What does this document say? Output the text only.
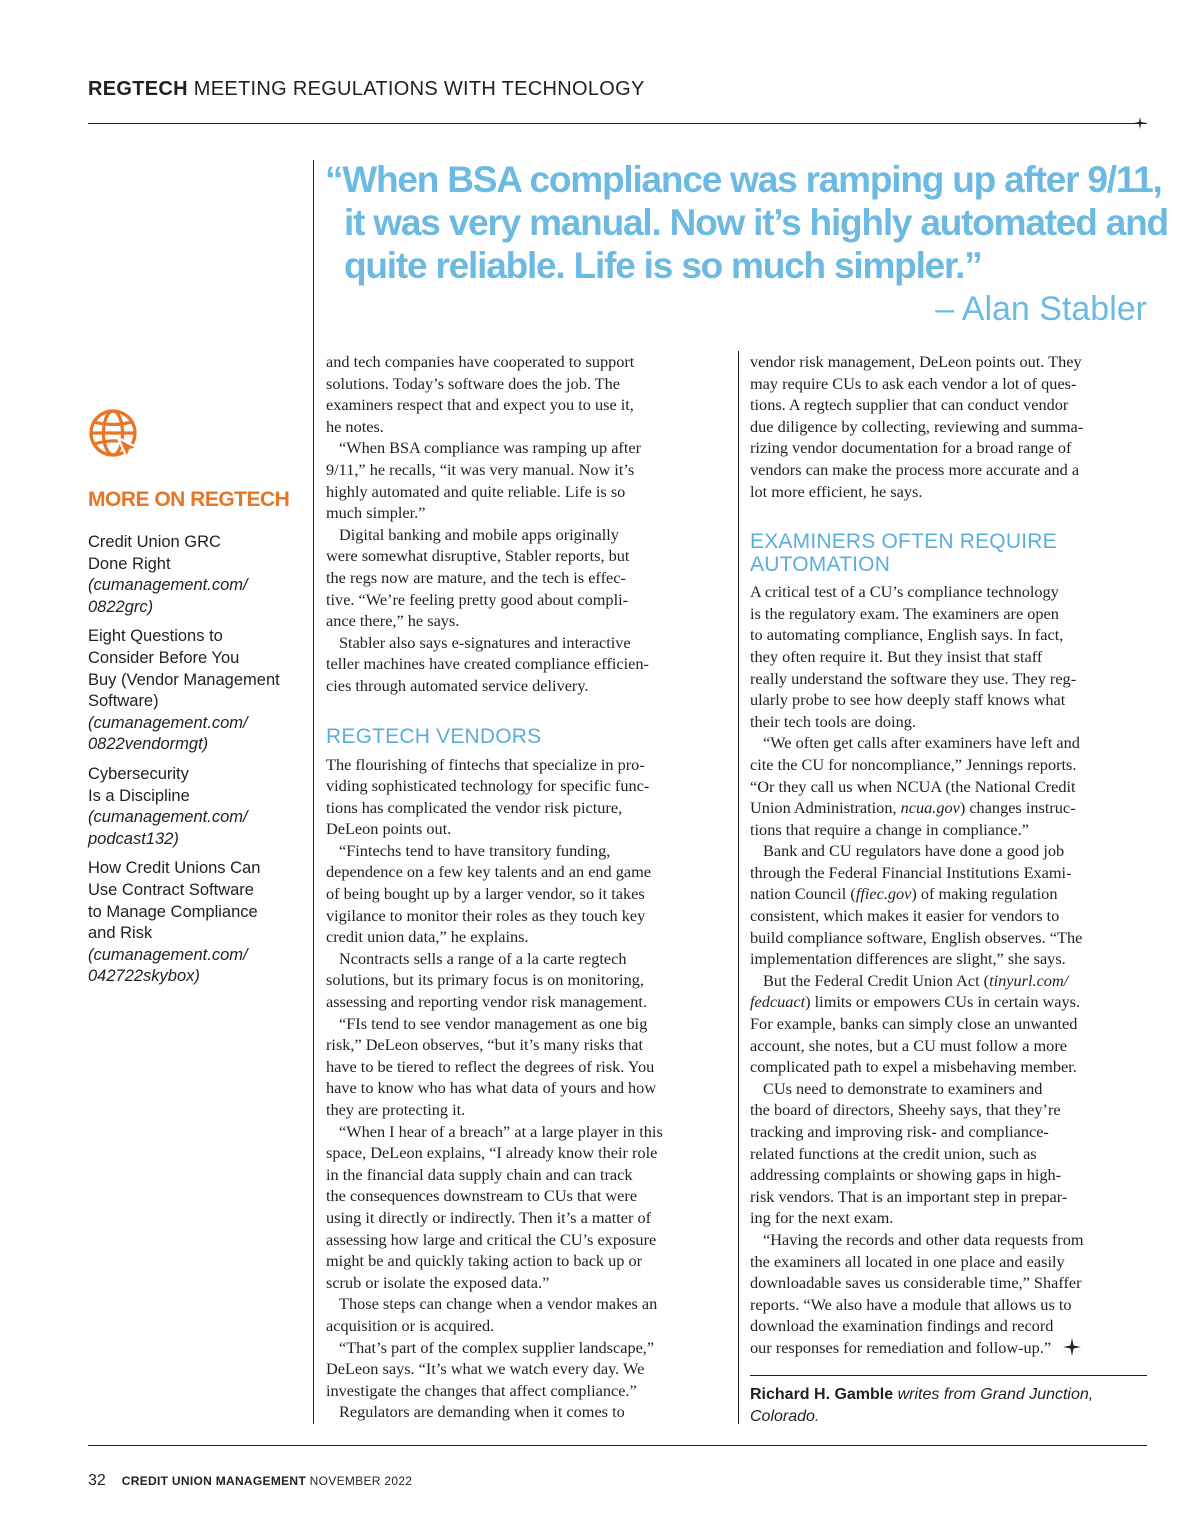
REGTECH MEETING REGULATIONS WITH TECHNOLOGY
“When BSA compliance was ramping up after 9/11,
it was very manual. Now it’s highly automated and
quite reliable. Life is so much simpler.”
– Alan Stabler
MORE ON REGTECH
Credit Union GRC
Done Right
(cumanagement.com/
0822grc)
Eight Questions to
Consider Before You
Buy (Vendor Management
Software)
(cumanagement.com/
0822vendormgt)
Cybersecurity
Is a Discipline
(cumanagement.com/
podcast132)
How Credit Unions Can
Use Contract Software
to Manage Compliance
and Risk
(cumanagement.com/
042722skybox)
and tech companies have cooperated to support
solutions. Today’s software does the job. The
examiners respect that and expect you to use it,
he notes.
“When BSA compliance was ramping up after
9/11,” he recalls, “it was very manual. Now it’s
highly automated and quite reliable. Life is so
much simpler.”
Digital banking and mobile apps originally
were somewhat disruptive, Stabler reports, but
the regs now are mature, and the tech is effec-
tive. “We’re feeling pretty good about compli-
ance there,” he says.
Stabler also says e-signatures and interactive
teller machines have created compliance efficien-
cies through automated service delivery.
REGTECH VENDORS
The flourishing of fintechs that specialize in pro-
viding sophisticated technology for specific func-
tions has complicated the vendor risk picture,
DeLeon points out.
“Fintechs tend to have transitory funding,
dependence on a few key talents and an end game
of being bought up by a larger vendor, so it takes
vigilance to monitor their roles as they touch key
credit union data,” he explains.
Ncontracts sells a range of a la carte regtech
solutions, but its primary focus is on monitoring,
assessing and reporting vendor risk management.
“FIs tend to see vendor management as one big
risk,” DeLeon observes, “but it’s many risks that
have to be tiered to reflect the degrees of risk. You
have to know who has what data of yours and how
they are protecting it.
“When I hear of a breach” at a large player in this
space, DeLeon explains, “I already know their role
in the financial data supply chain and can track
the consequences downstream to CUs that were
using it directly or indirectly. Then it’s a matter of
assessing how large and critical the CU’s exposure
might be and quickly taking action to back up or
scrub or isolate the exposed data.”
Those steps can change when a vendor makes an
acquisition or is acquired.
“That’s part of the complex supplier landscape,”
DeLeon says. “It’s what we watch every day. We
investigate the changes that affect compliance.”
Regulators are demanding when it comes to
vendor risk management, DeLeon points out. They
may require CUs to ask each vendor a lot of ques-
tions. A regtech supplier that can conduct vendor
due diligence by collecting, reviewing and summa-
rizing vendor documentation for a broad range of
vendors can make the process more accurate and a
lot more efficient, he says.
EXAMINERS OFTEN REQUIRE
AUTOMATION
A critical test of a CU’s compliance technology
is the regulatory exam. The examiners are open
to automating compliance, English says. In fact,
they often require it. But they insist that staff
really understand the software they use. They reg-
ularly probe to see how deeply staff knows what
their tech tools are doing.
“We often get calls after examiners have left and
cite the CU for noncompliance,” Jennings reports.
“Or they call us when NCUA (the National Credit
Union Administration, ncua.gov) changes instruc-
tions that require a change in compliance.”
Bank and CU regulators have done a good job
through the Federal Financial Institutions Exami-
nation Council (ffiec.gov) of making regulation
consistent, which makes it easier for vendors to
build compliance software, English observes. “The
implementation differences are slight,” she says.
But the Federal Credit Union Act (tinyurl.com/
fedcuact) limits or empowers CUs in certain ways.
For example, banks can simply close an unwanted
account, she notes, but a CU must follow a more
complicated path to expel a misbehaving member.
CUs need to demonstrate to examiners and
the board of directors, Sheehy says, that they’re
tracking and improving risk- and compliance-
related functions at the credit union, such as
addressing complaints or showing gaps in high-
risk vendors. That is an important step in prepar-
ing for the next exam.
“Having the records and other data requests from
the examiners all located in one place and easily
downloadable saves us considerable time,” Shaffer
reports. “We also have a module that allows us to
download the examination findings and record
our responses for remediation and follow-up.”
Richard H. Gamble writes from Grand Junction,
Colorado.
32 CREDIT UNION MANAGEMENT NOVEMBER 2022
